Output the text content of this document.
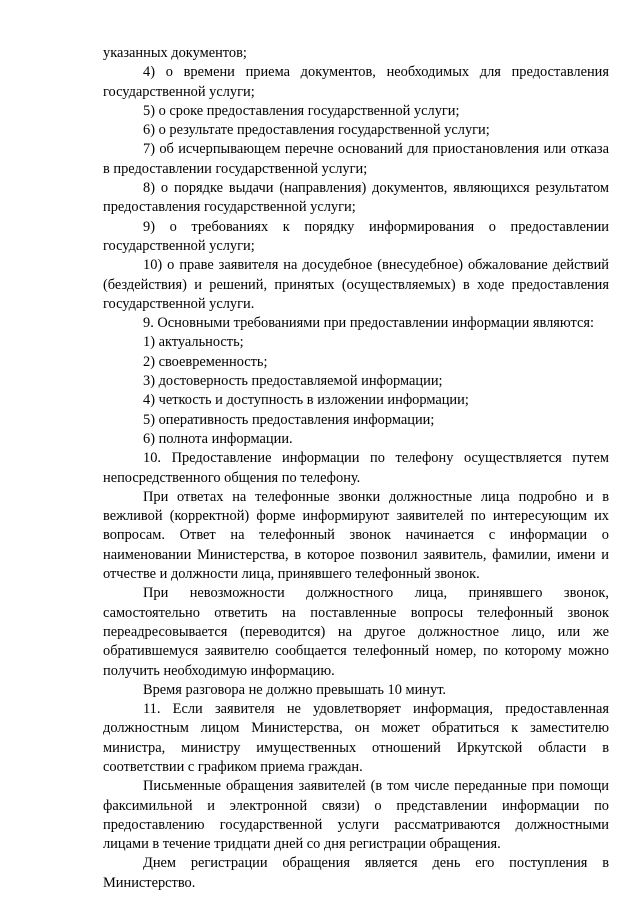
указанных документов;

4) о времени приема документов, необходимых для предоставления государственной услуги;

5) о сроке предоставления государственной услуги;

6) о результате предоставления государственной услуги;

7) об исчерпывающем перечне оснований для приостановления или отказа в предоставлении государственной услуги;

8) о порядке выдачи (направления) документов, являющихся результатом предоставления государственной услуги;

9) о требованиях к порядку информирования о предоставлении государственной услуги;

10) о праве заявителя на досудебное (внесудебное) обжалование действий (бездействия) и решений, принятых (осуществляемых) в ходе предоставления государственной услуги.

9. Основными требованиями при предоставлении информации являются:

1) актуальность;

2) своевременность;

3) достоверность предоставляемой информации;

4) четкость и доступность в изложении информации;

5) оперативность предоставления информации;

6) полнота информации.

10. Предоставление информации по телефону осуществляется путем непосредственного общения по телефону.

При ответах на телефонные звонки должностные лица подробно и в вежливой (корректной) форме информируют заявителей по интересующим их вопросам. Ответ на телефонный звонок начинается с информации о наименовании Министерства, в которое позвонил заявитель, фамилии, имени и отчестве и должности лица, принявшего телефонный звонок.

При невозможности должностного лица, принявшего звонок, самостоятельно ответить на поставленные вопросы телефонный звонок переадресовывается (переводится) на другое должностное лицо, или же обратившемуся заявителю сообщается телефонный номер, по которому можно получить необходимую информацию.

Время разговора не должно превышать 10 минут.

11. Если заявителя не удовлетворяет информация, предоставленная должностным лицом Министерства, он может обратиться к заместителю министра, министру имущественных отношений Иркутской области в соответствии с графиком приема граждан.

Письменные обращения заявителей (в том числе переданные при помощи факсимильной и электронной связи) о представлении информации по предоставлению государственной услуги рассматриваются должностными лицами в течение тридцати дней со дня регистрации обращения.

Днем регистрации обращения является день его поступления в Министерство.
